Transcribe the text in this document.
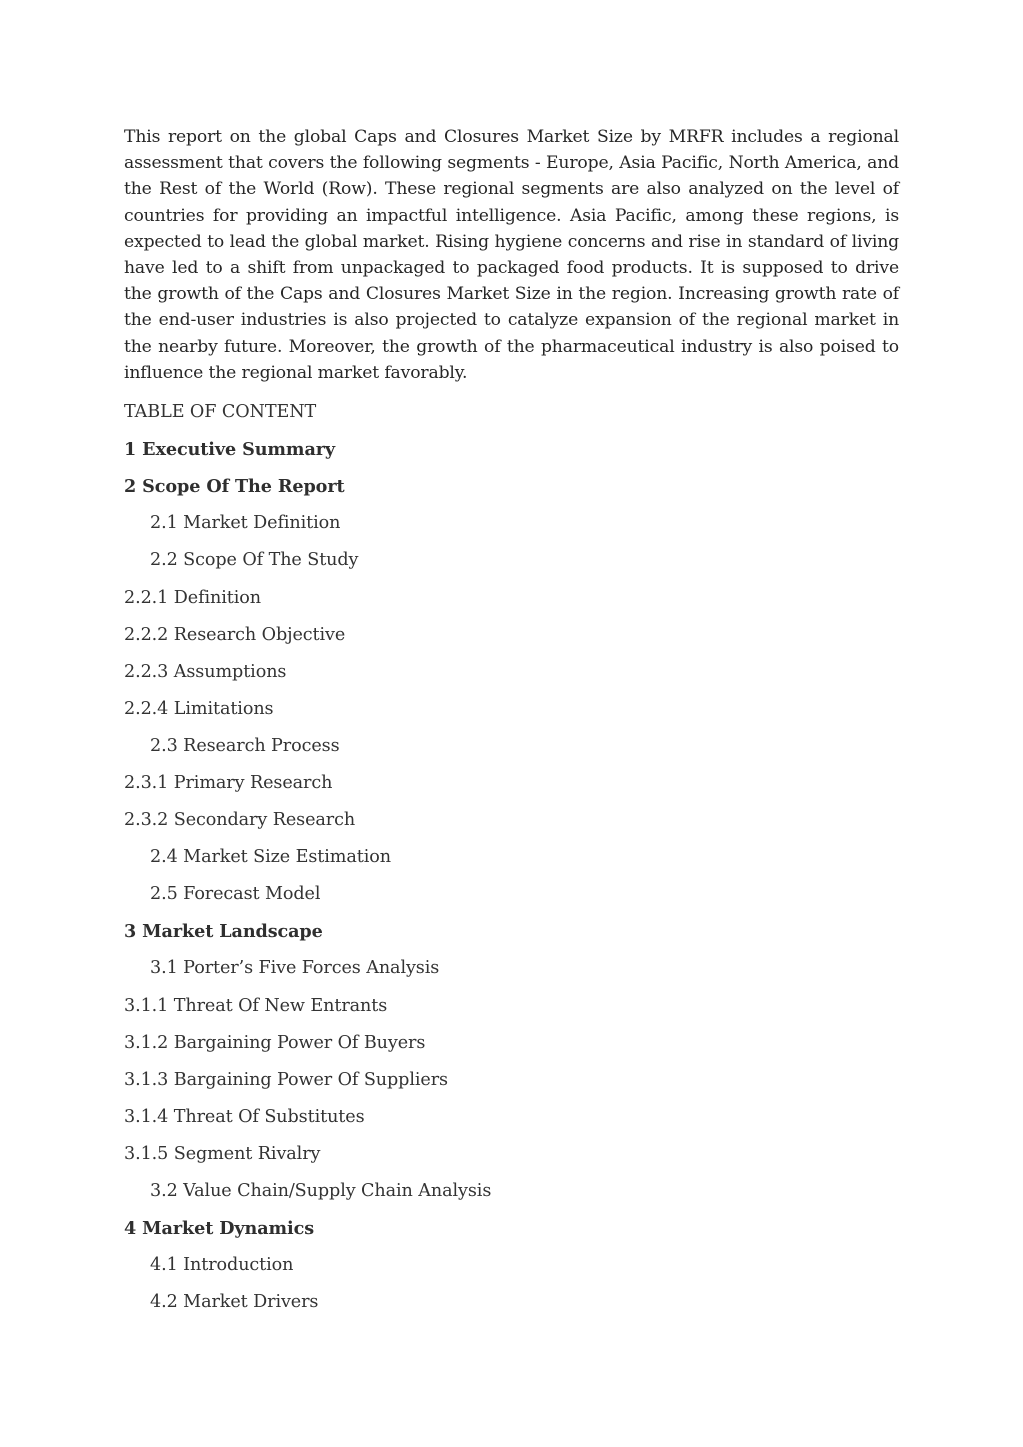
This report on the global Caps and Closures Market Size by MRFR includes a regional assessment that covers the following segments - Europe, Asia Pacific, North America, and the Rest of the World (Row). These regional segments are also analyzed on the level of countries for providing an impactful intelligence. Asia Pacific, among these regions, is expected to lead the global market. Rising hygiene concerns and rise in standard of living have led to a shift from unpackaged to packaged food products. It is supposed to drive the growth of the Caps and Closures Market Size in the region. Increasing growth rate of the end-user industries is also projected to catalyze expansion of the regional market in the nearby future. Moreover, the growth of the pharmaceutical industry is also poised to influence the regional market favorably.

TABLE OF CONTENT
1 Executive Summary
2 Scope Of The Report
2.1 Market Definition
2.2 Scope Of The Study
2.2.1 Definition
2.2.2 Research Objective
2.2.3 Assumptions
2.2.4 Limitations
2.3 Research Process
2.3.1 Primary Research
2.3.2 Secondary Research
2.4 Market Size Estimation
2.5 Forecast Model
3 Market Landscape
3.1 Porter’s Five Forces Analysis
3.1.1 Threat Of New Entrants
3.1.2 Bargaining Power Of Buyers
3.1.3 Bargaining Power Of Suppliers
3.1.4 Threat Of Substitutes
3.1.5 Segment Rivalry
3.2 Value Chain/Supply Chain Analysis
4 Market Dynamics
4.1 Introduction
4.2 Market Drivers
